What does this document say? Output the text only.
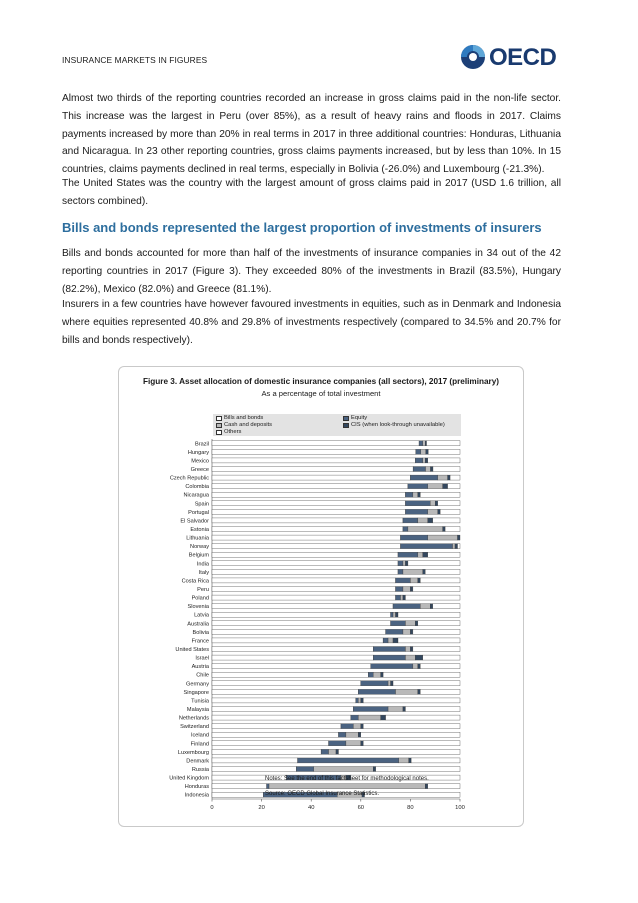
INSURANCE MARKETS IN FIGURES	OECD
Almost two thirds of the reporting countries recorded an increase in gross claims paid in the non-life sector. This increase was the largest in Peru (over 85%), as a result of heavy rains and floods in 2017. Claims payments increased by more than 20% in real terms in 2017 in three additional countries: Honduras, Lithuania and Nicaragua. In 23 other reporting countries, gross claims payments increased, but by less than 10%. In 15 countries, claims payments declined in real terms, especially in Bolivia (-26.0%) and Luxembourg (-21.3%).
The United States was the country with the largest amount of gross claims paid in 2017 (USD 1.6 trillion, all sectors combined).
Bills and bonds represented the largest proportion of investments of insurers
Bills and bonds accounted for more than half of the investments of insurance companies in 34 out of the 42 reporting countries in 2017 (Figure 3). They exceeded 80% of the investments in Brazil (83.5%), Hungary (82.2%), Mexico (82.0%) and Greece (81.1%).
Insurers in a few countries have however favoured investments in equities, such as in Denmark and Indonesia where equities represented 40.8% and 29.8% of investments respectively (compared to 34.5% and 20.7% for bills and bonds respectively).
Figure 3. Asset allocation of domestic insurance companies (all sectors), 2017 (preliminary)
As a percentage of total investment
Bills and bonds	Equity
Cash and deposits	CIS (when look-through unavailable)
Others
Brazil
Hungary
Mexico
Greece
Czech Republic
Colombia
Nicaragua
Spain
Portugal
El Salvador
Estonia
Lithuania
Norway
Belgium
India
Italy
Costa Rica
Peru
Poland
Slovenia
Latvia
Australia
Bolivia
France
United States
Israel
Austria
Chile
Germany
Singapore
Tunisia
Malaysia
Netherlands
Switzerland
Iceland
Finland
Luxembourg
Denmark
Russia
United Kingdom
Honduras
Indonesia
0	20	40	60	80	100
Notes: See the end of this factsheet for methodological notes.
Source: OECD Global Insurance Statistics.
